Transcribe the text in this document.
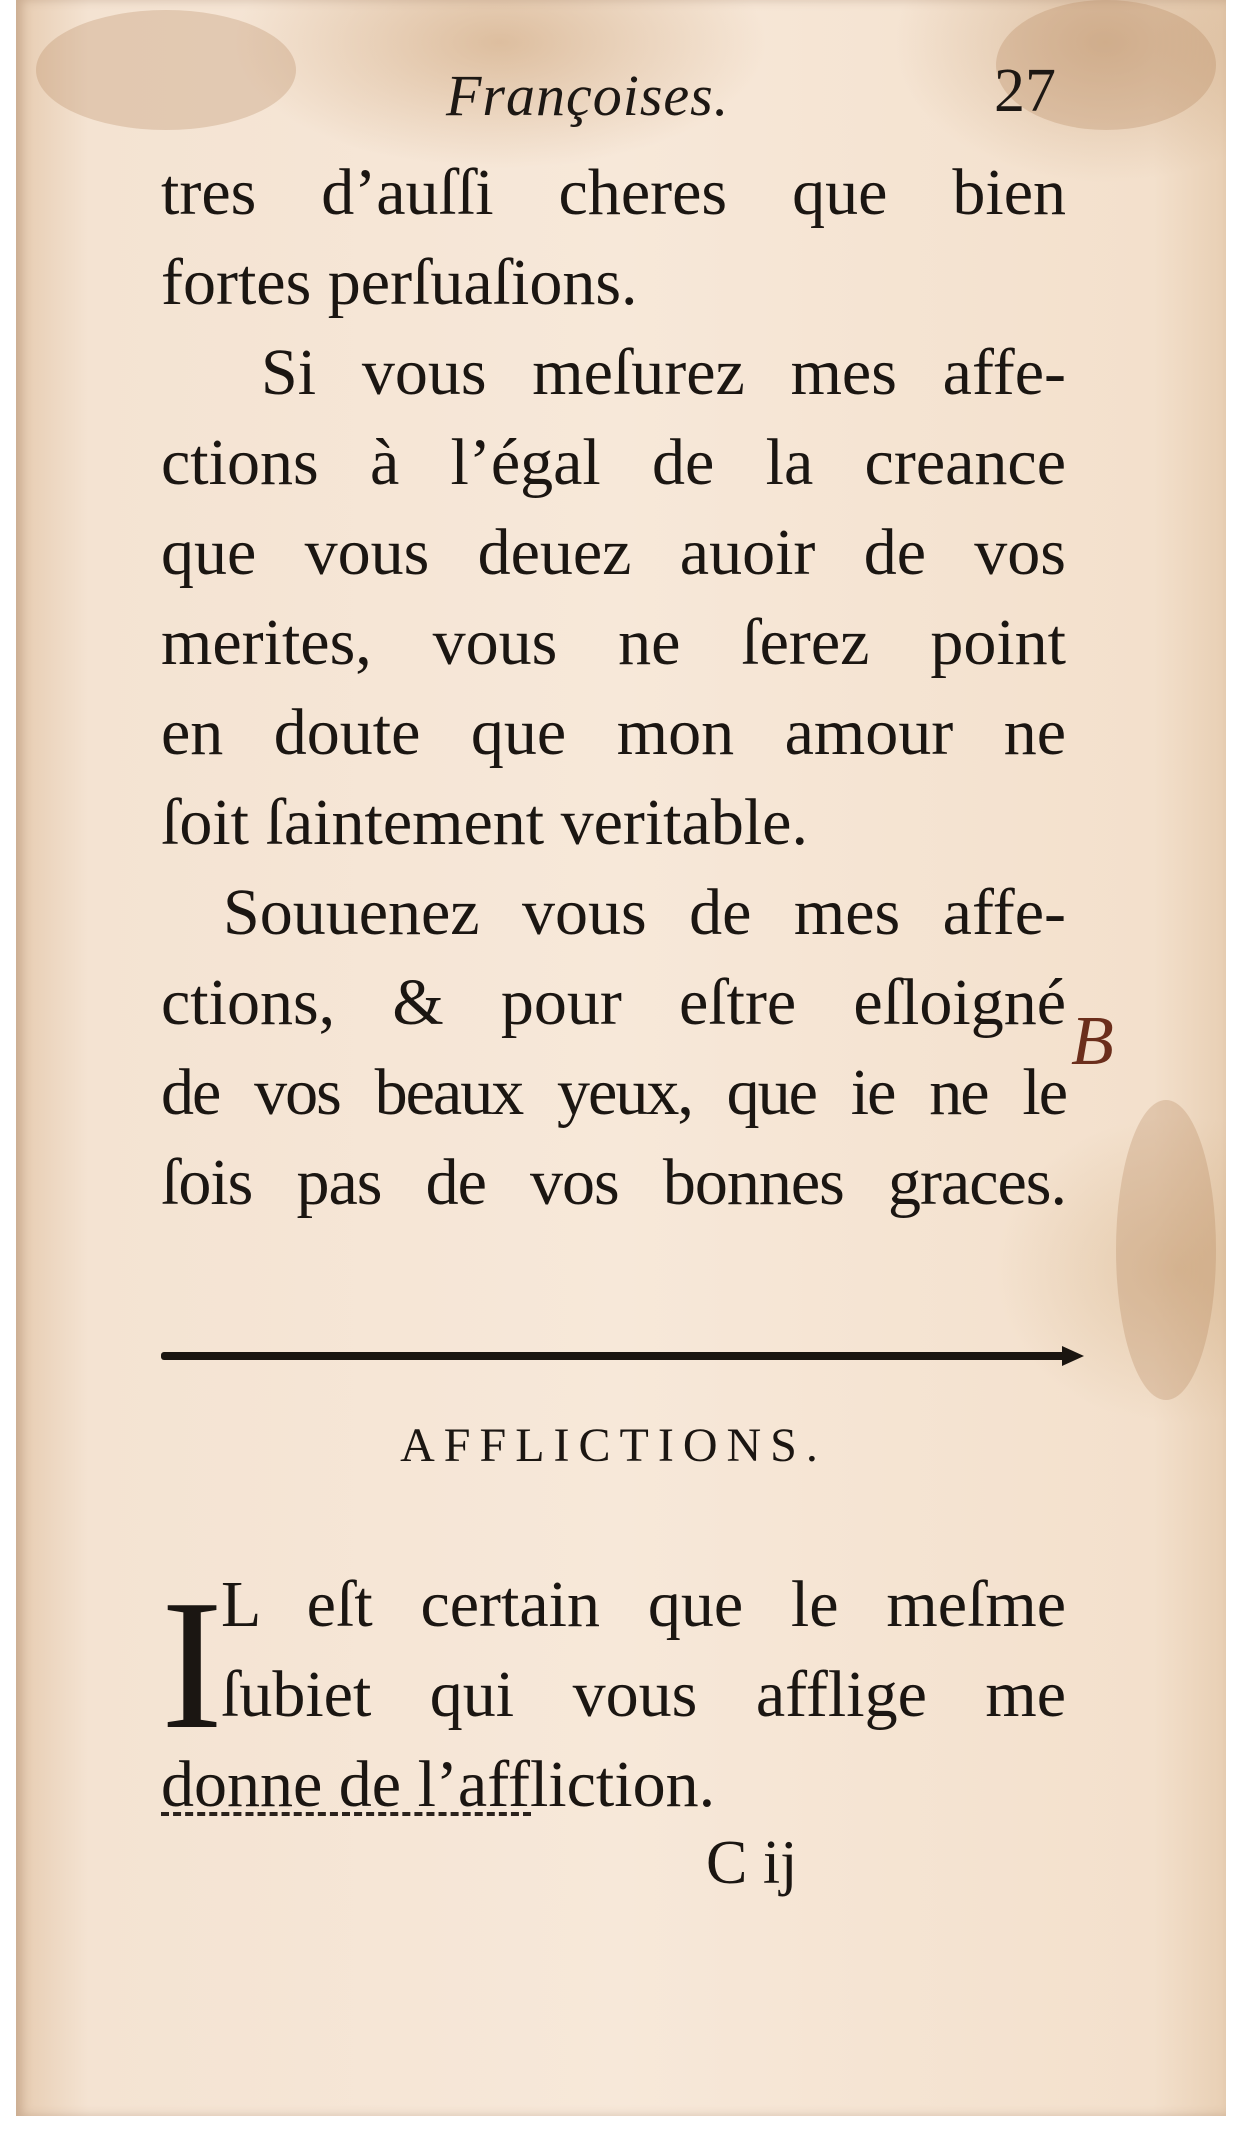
Françoises.	27
tres d’auſſi cheres que bien
fortes perſuaſions.
Si vous meſurez mes affe-
ctions à l’égal de la creance
que vous deuez auoir de vos
merites, vous ne ſerez point
en doute que mon amour ne
ſoit ſaintement veritable.
Souuenez vous de mes affe-
ctions, & pour eſtre eſloigné
de vos beaux yeux, que ie ne le
ſois pas de vos bonnes graces.
B
AFFLICTIONS.
I
L eſt certain que le meſme
ſubiet qui vous afflige me
donne de l’affliction.
C ij
